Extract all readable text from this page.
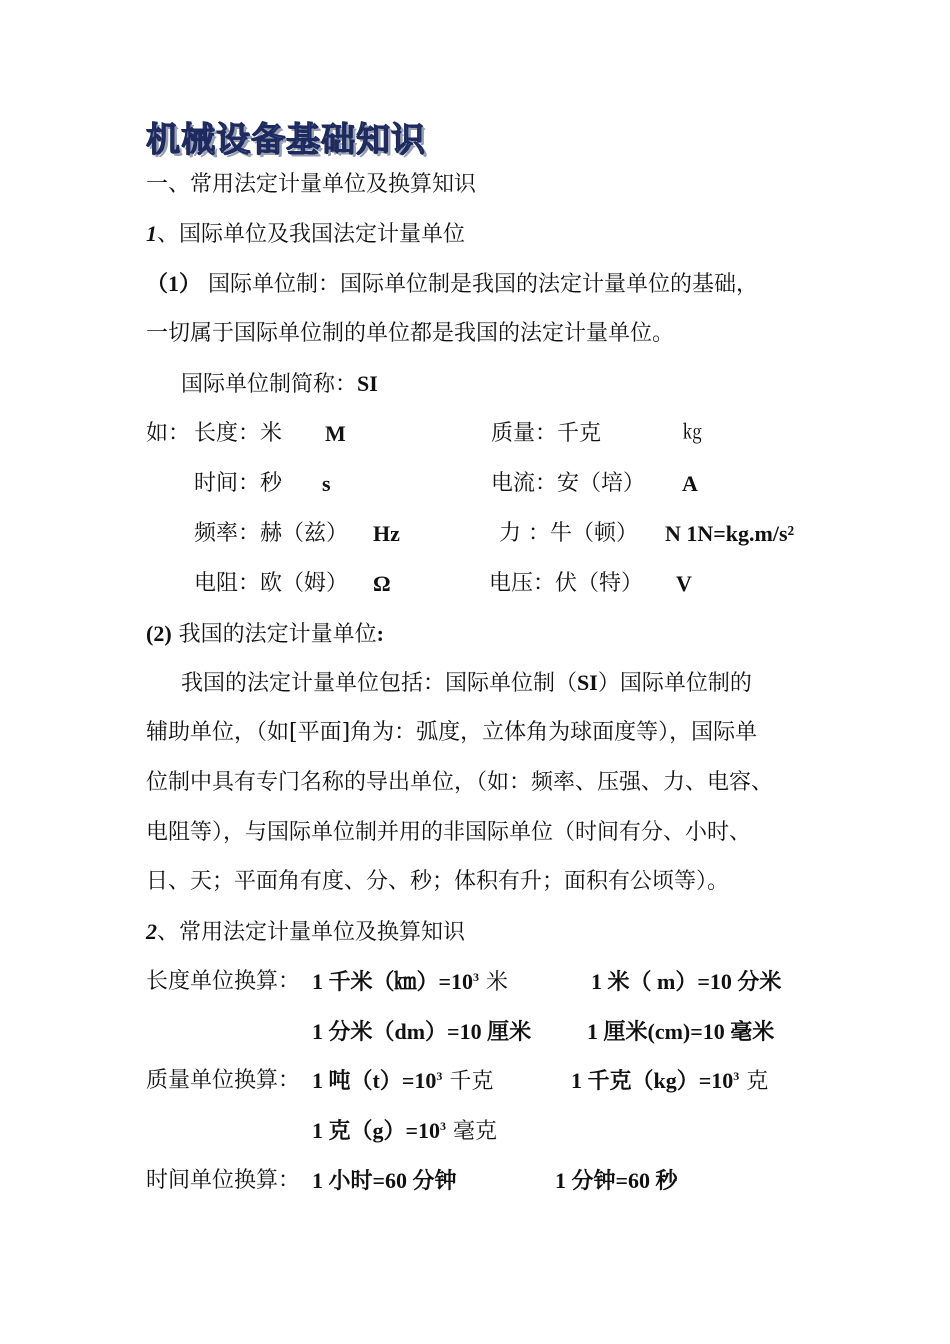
机械设备基础知识
一、常用法定计量单位及换算知识
1、国际单位及我国法定计量单位
（1） 国际单位制：国际单位制是我国的法定计量单位的基础，
一切属于国际单位制的单位都是我国的法定计量单位。
国际单位制简称：SI
如： 长度：米 M	质量：千克	㎏
时间：秒 s	电流：安（培） A
频率：赫（兹） Hz	力 ：牛（顿） N 1N=kg.m/s²
电阻：欧（姆） Ω	电压：伏（特） V
(2) 我国的法定计量单位:
我国的法定计量单位包括：国际单位制（SI）国际单位制的
辅助单位，（如[平面]角为：弧度，立体角为球面度等），国际单
位制中具有专门名称的导出单位，（如：频率、压强、力、电容、
电阻等），与国际单位制并用的非国际单位（时间有分、小时、
日、天；平面角有度、分、秒；体积有升；面积有公顷等）。
2、常用法定计量单位及换算知识
长度单位换算： 1 千米$(㎞)=10^3$ 米	1 米（ m）=10 分米
1 分米（dm）=10 厘米	1 厘米(cm)=10 毫米
质量单位换算： 1 吨$(t)=10^3$ 千克	1 千克$(kg)=10^3$ 克
1 克$(g)=10^3$ 毫克
时间单位换算： 1 小时=60 分钟	1 分钟=60 秒
